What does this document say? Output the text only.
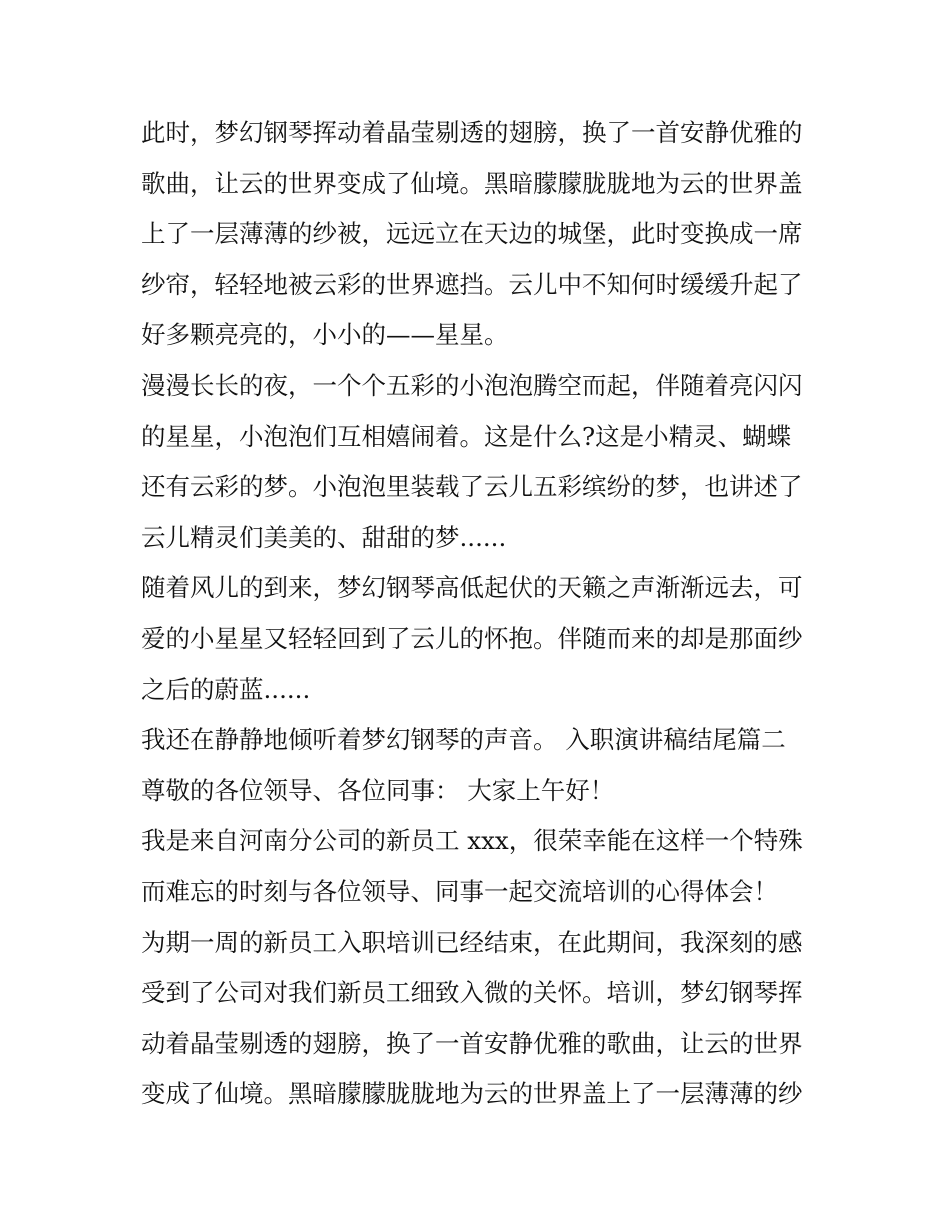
此时，梦幻钢琴挥动着晶莹剔透的翅膀，换了一首安静优雅的
歌曲，让云的世界变成了仙境。黑暗朦朦胧胧地为云的世界盖
上了一层薄薄的纱被，远远立在天边的城堡，此时变换成一席
纱帘，轻轻地被云彩的世界遮挡。云儿中不知何时缓缓升起了
好多颗亮亮的，小小的——星星。
漫漫长长的夜，一个个五彩的小泡泡腾空而起，伴随着亮闪闪
的星星，小泡泡们互相嬉闹着。这是什么?这是小精灵、蝴蝶
还有云彩的梦。小泡泡里装载了云儿五彩缤纷的梦，也讲述了
云儿精灵们美美的、甜甜的梦......
随着风儿的到来，梦幻钢琴高低起伏的天籁之声渐渐远去，可
爱的小星星又轻轻回到了云儿的怀抱。伴随而来的却是那面纱
之后的蔚蓝......
我还在静静地倾听着梦幻钢琴的声音。 入职演讲稿结尾篇二
尊敬的各位领导、各位同事： 大家上午好！
我是来自河南分公司的新员工 xxx，很荣幸能在这样一个特殊
而难忘的时刻与各位领导、同事一起交流培训的心得体会！
为期一周的新员工入职培训已经结束，在此期间，我深刻的感
受到了公司对我们新员工细致入微的关怀。培训，梦幻钢琴挥
动着晶莹剔透的翅膀，换了一首安静优雅的歌曲，让云的世界
变成了仙境。黑暗朦朦胧胧地为云的世界盖上了一层薄薄的纱
